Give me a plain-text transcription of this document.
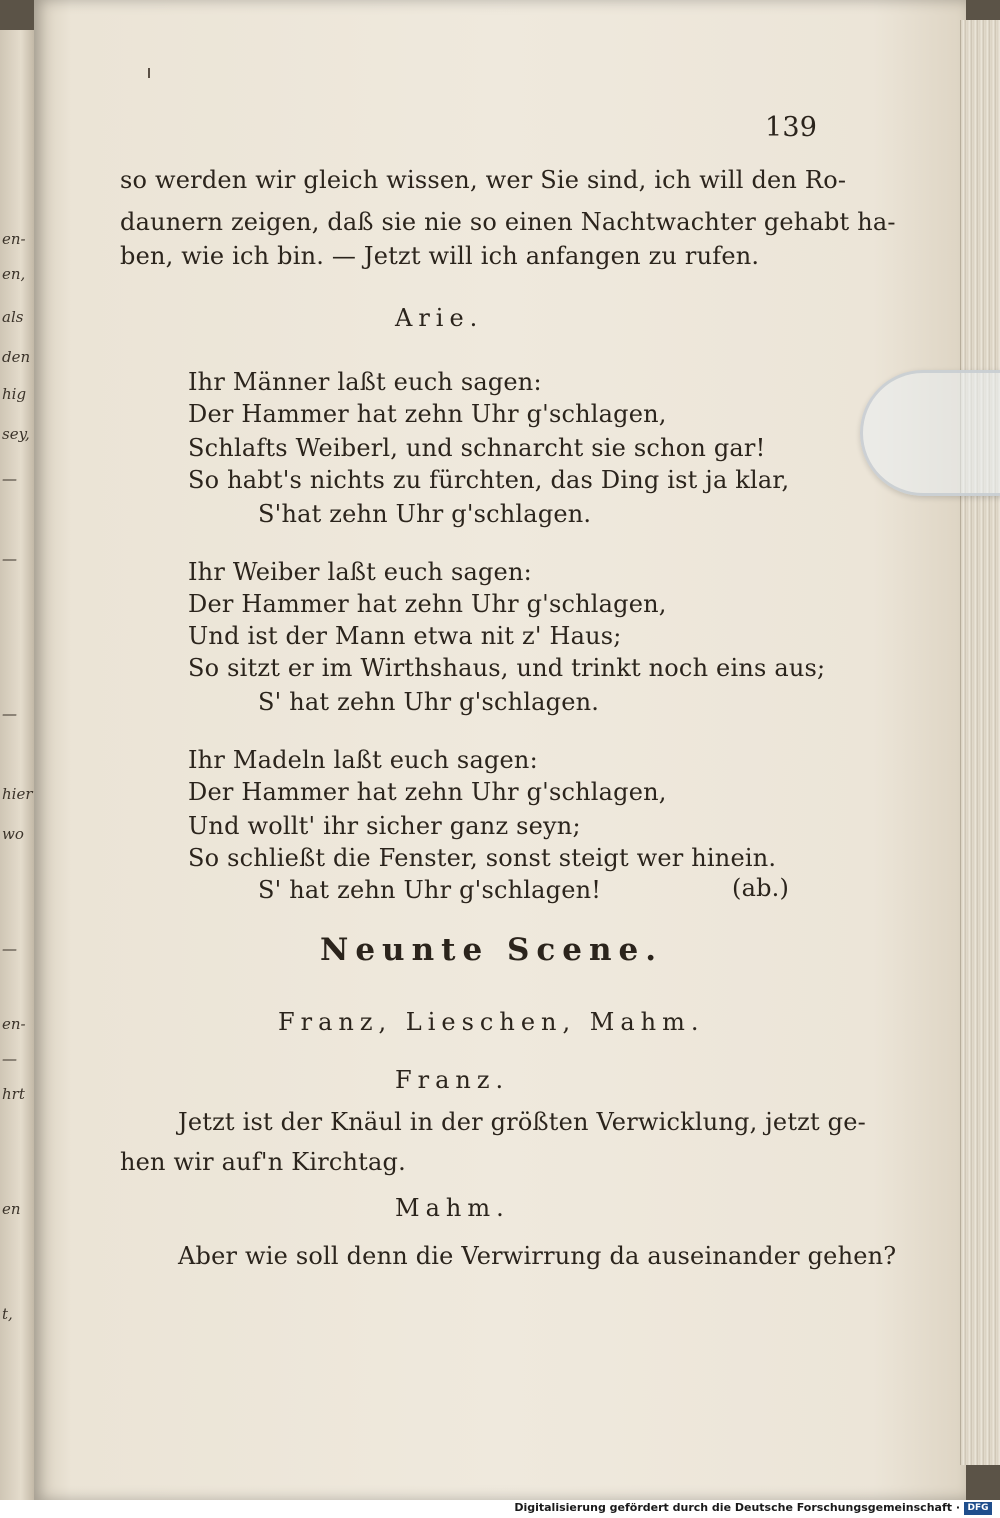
en-
en,
als
den
hig
sey,
—
—
—
hier
wo
—
en-
—
hrt
en
t,
139
so werden wir gleich wissen, wer Sie sind, ich will den Ro-
daunern zeigen, daß sie nie so einen Nachtwachter gehabt ha-
ben, wie ich bin. — Jetzt will ich anfangen zu rufen.
Arie.
Ihr Männer laßt euch sagen:
Der Hammer hat zehn Uhr g'schlagen,
Schlafts Weiberl, und schnarcht sie schon gar!
So habt's nichts zu fürchten, das Ding ist ja klar,
S'hat zehn Uhr g'schlagen.
Ihr Weiber laßt euch sagen:
Der Hammer hat zehn Uhr g'schlagen,
Und ist der Mann etwa nit z' Haus;
So sitzt er im Wirthshaus, und trinkt noch eins aus;
S' hat zehn Uhr g'schlagen.
Ihr Madeln laßt euch sagen:
Der Hammer hat zehn Uhr g'schlagen,
Und wollt' ihr sicher ganz seyn;
So schließt die Fenster, sonst steigt wer hinein.
S' hat zehn Uhr g'schlagen!	(ab.)
Neunte Scene.
Franz, Lieschen, Mahm.
Franz.
Jetzt ist der Knäul in der größten Verwicklung, jetzt ge-
hen wir auf'n Kirchtag.
Mahm.
Aber wie soll denn die Verwirrung da auseinander gehen?
Digitalisierung gefördert durch die Deutsche Forschungsgemeinschaft · DFG
